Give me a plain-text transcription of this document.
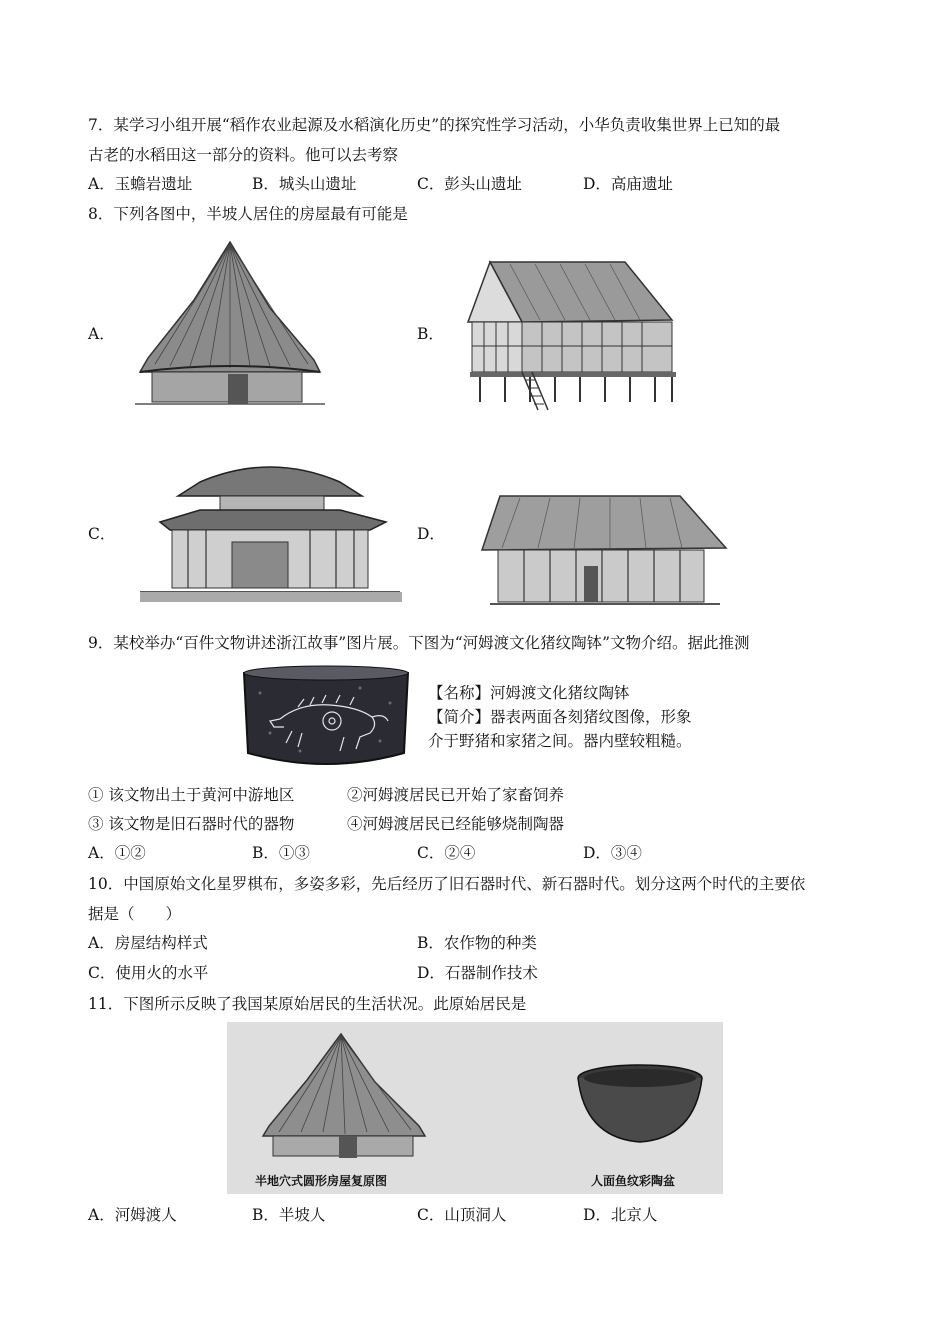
7．某学习小组开展“稻作农业起源及水稻演化历史”的探究性学习活动，小华负责收集世界上已知的最
古老的水稻田这一部分的资料。他可以去考察
A．玉蟾岩遗址	B．城头山遗址	C．彭头山遗址	D．高庙遗址
8．下列各图中，半坡人居住的房屋最有可能是
A．	B．
C．	D．
9．某校举办“百件文物讲述浙江故事”图片展。下图为“河姆渡文化猪纹陶钵”文物介绍。据此推测
【名称】河姆渡文化猪纹陶钵
【简介】器表两面各刻猪纹图像，形象
介于野猪和家猪之间。器内壁较粗糙。
① 该文物出土于黄河中游地区	②河姆渡居民已开始了家畜饲养
③ 该文物是旧石器时代的器物	④河姆渡居民已经能够烧制陶器
A．①②	B．①③	C．②④	D．③④
10．中国原始文化星罗棋布，多姿多彩，先后经历了旧石器时代、新石器时代。划分这两个时代的主要依
据是（　　）
A．房屋结构样式	B．农作物的种类
C．使用火的水平	D．石器制作技术
11．下图所示反映了我国某原始居民的生活状况。此原始居民是
半地穴式圆形房屋复原图	人面鱼纹彩陶盆
A．河姆渡人	B．半坡人	C．山顶洞人	D．北京人
